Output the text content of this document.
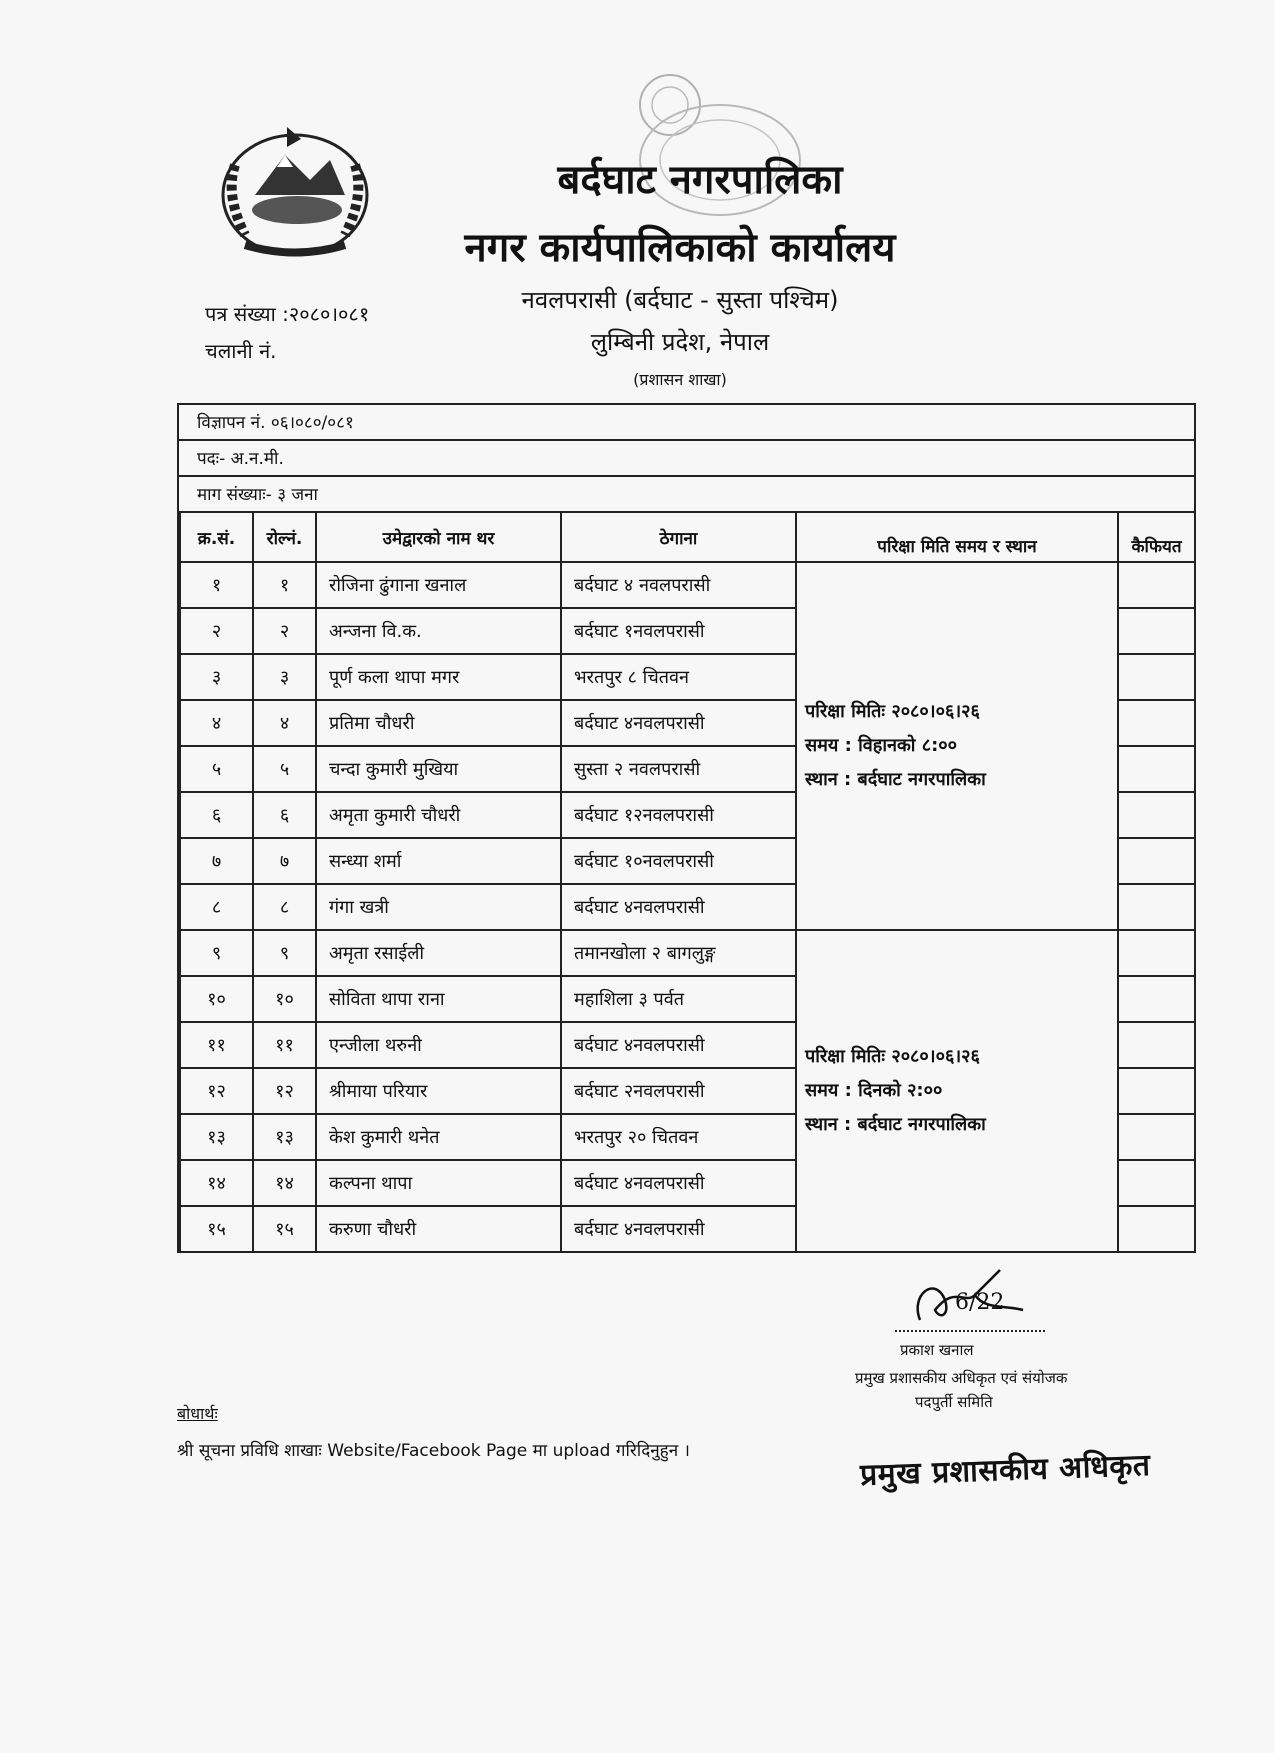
बर्दघाट नगरपालिका
नगर कार्यपालिकाको कार्यालय
नवलपरासी (बर्दघाट - सुस्ता पश्चिम)
लुम्बिनी प्रदेश, नेपाल
(प्रशासन शाखा)
पत्र संख्या :२०८०।०८१
चलानी नं.
विज्ञापन नं. ०६।०८०/०८१
पदः- अ.न.मी.
माग संख्याः- ३ जना
क्र.सं.	रोल्नं.	उमेद्वारको नाम थर	ठेगाना	परिक्षा मिति समय र स्थान	कैफियत
१	१	रोजिना ढुंगाना खनाल	बर्दघाट ४ नवलपरासी	परिक्षा मितिः २०८०।०६।२६
समय : विहानको ८:००
स्थान : बर्दघाट नगरपालिका	

२	२	अन्जना वि.क.	बर्दघाट १नवलपरासी		
३	३	पूर्ण कला थापा मगर	भरतपुर ८ चितवन		
४	४	प्रतिमा चौधरी	बर्दघाट ४नवलपरासी		
५	५	चन्दा कुमारी मुखिया	सुस्ता २ नवलपरासी		
६	६	अमृता कुमारी चौधरी	बर्दघाट १२नवलपरासी		
७	७	सन्ध्या शर्मा	बर्दघाट १०नवलपरासी		
८	८	गंगा खत्री	बर्दघाट ४नवलपरासी		
९	९	अमृता रसाईली	तमानखोला २ बागलुङ्ग	परिक्षा मितिः २०८०।०६।२६
समय : दिनको २:००
स्थान : बर्दघाट नगरपालिका	

१०	१०	सोविता थापा राना	महाशिला ३ पर्वत		
११	११	एन्जीला थरुनी	बर्दघाट ४नवलपरासी		
१२	१२	श्रीमाया परियार	बर्दघाट २नवलपरासी		
१३	१३	केश कुमारी थनेत	भरतपुर २० चितवन		
१४	१४	कल्पना थापा	बर्दघाट ४नवलपरासी		
१५	१५	करुणा चौधरी	बर्दघाट ४नवलपरासी		
6/22
प्रकाश खनाल
प्रमुख प्रशासकीय अधिकृत एवं संयोजक
पदपुर्ती समिति
बोधार्थः
श्री सूचना प्रविधि शाखाः Website/Facebook Page मा upload गरिदिनुहुन ।	प्रमुख प्रशासकीय अधिकृत
